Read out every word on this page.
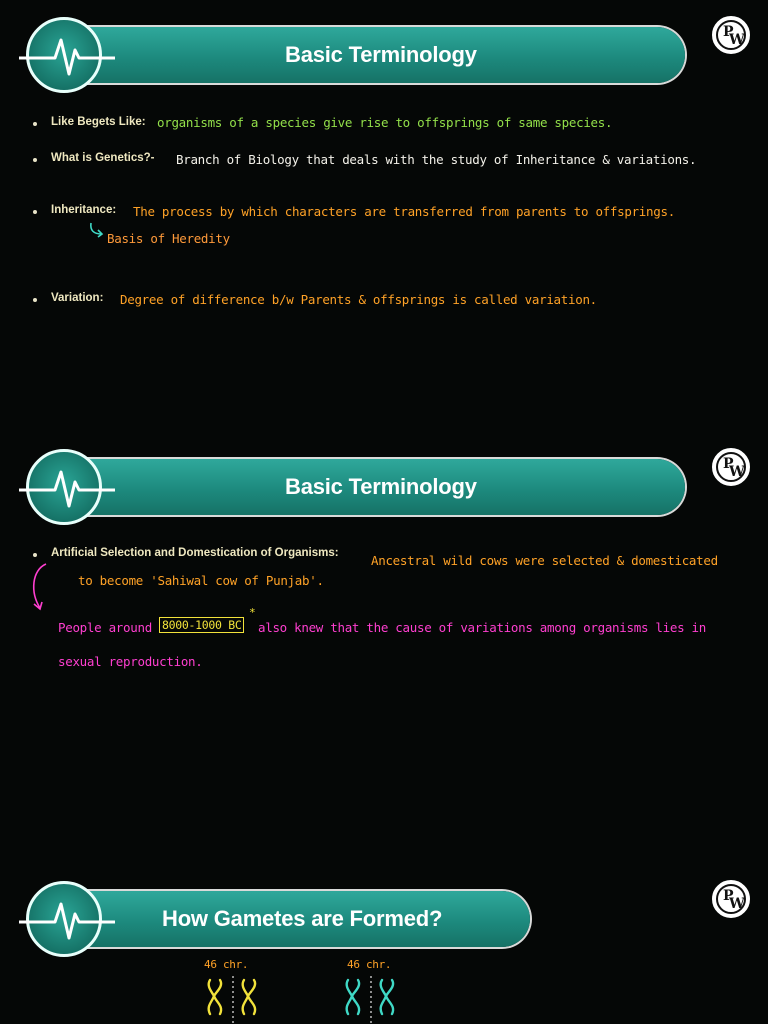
Basic Terminology
P
W
Like Begets Like: organisms of a species give rise to offsprings of same species.
What is Genetics?- Branch of Biology that deals with the study of Inheritance & variations.
Inheritance: The process by which characters are transferred from parents to offsprings.
Basis of Heredity
Variation: Degree of difference b/w Parents & offsprings is called variation.
Basic Terminology
P
W
Artificial Selection and Domestication of Organisms:	Ancestral wild cows were selected & domesticated
to become 'Sahiwal cow of Punjab'.
People around 8000-1000 BC
*
also knew that the cause of variations among organisms lies in
sexual reproduction.
How Gametes are Formed?
P
W
46 chr.	46 chr.
